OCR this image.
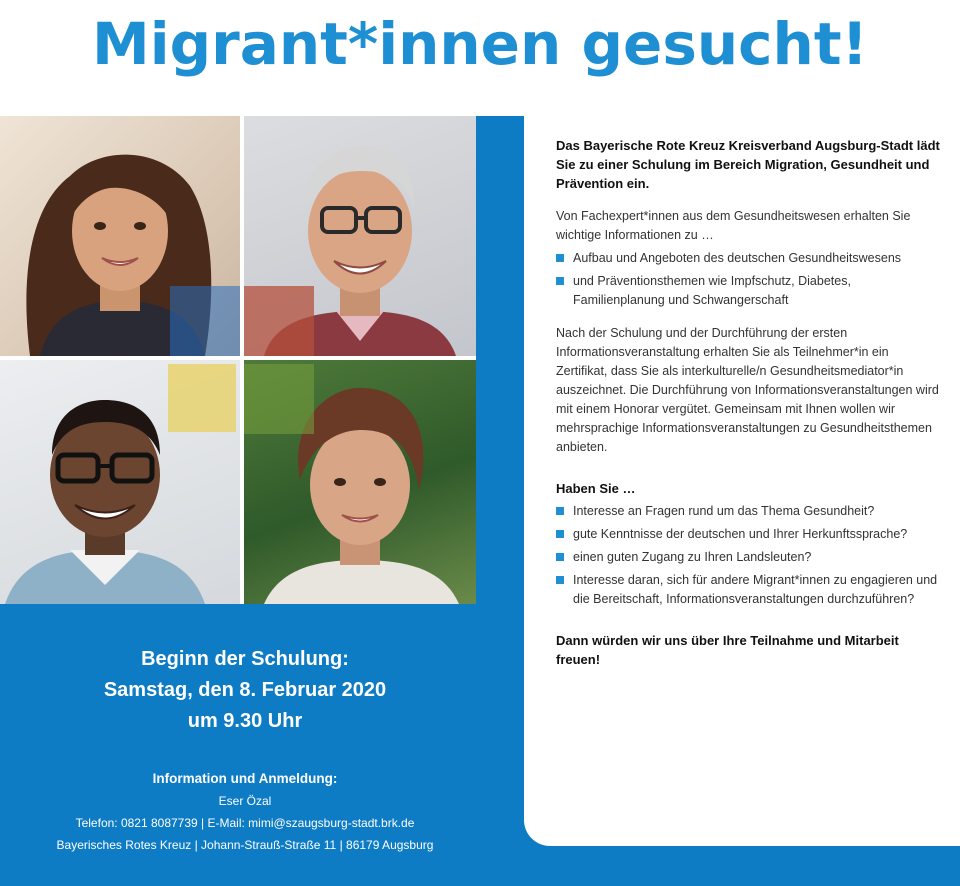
Migrant*innen gesucht!

Das Bayerische Rote Kreuz Kreisverband Augsburg-Stadt lädt Sie zu einer Schulung im Bereich Migration, Gesundheit und Prävention ein.

Von Fachexpert*innen aus dem Gesundheitswesen erhalten Sie wichtige Informationen zu …

Aufbau und Angeboten des deutschen Gesundheitswesens
und Präventionsthemen wie Impfschutz, Diabetes, Familienplanung und Schwangerschaft

Nach der Schulung und der Durchführung der ersten Informationsveranstaltung erhalten Sie als Teilnehmer*in ein Zertifikat, dass Sie als interkulturelle/n Gesundheitsmediator*in auszeichnet. Die Durchführung von Informationsveranstaltungen wird mit einem Honorar vergütet. Gemeinsam mit Ihnen wollen wir mehrsprachige Informationsveranstaltungen zu Gesundheitsthemen anbieten.

Haben Sie …

Interesse an Fragen rund um das Thema Gesundheit?
gute Kenntnisse der deutschen und Ihrer Herkunftssprache?
einen guten Zugang zu Ihren Landsleuten?
Interesse daran, sich für andere Migrant*innen zu engagieren und die Bereitschaft, Informationsveranstaltungen durchzuführen?

Dann würden wir uns über Ihre Teilnahme und Mitarbeit freuen!

Beginn der Schulung:
Samstag, den 8. Februar 2020
um 9.30 Uhr
Information und Anmeldung:
Eser Özal
Telefon: 0821 8087739 | E-Mail: mimi@szaugsburg-stadt.brk.de
Bayerisches Rotes Kreuz | Johann-Strauß-Straße 11 | 86179 Augsburg
